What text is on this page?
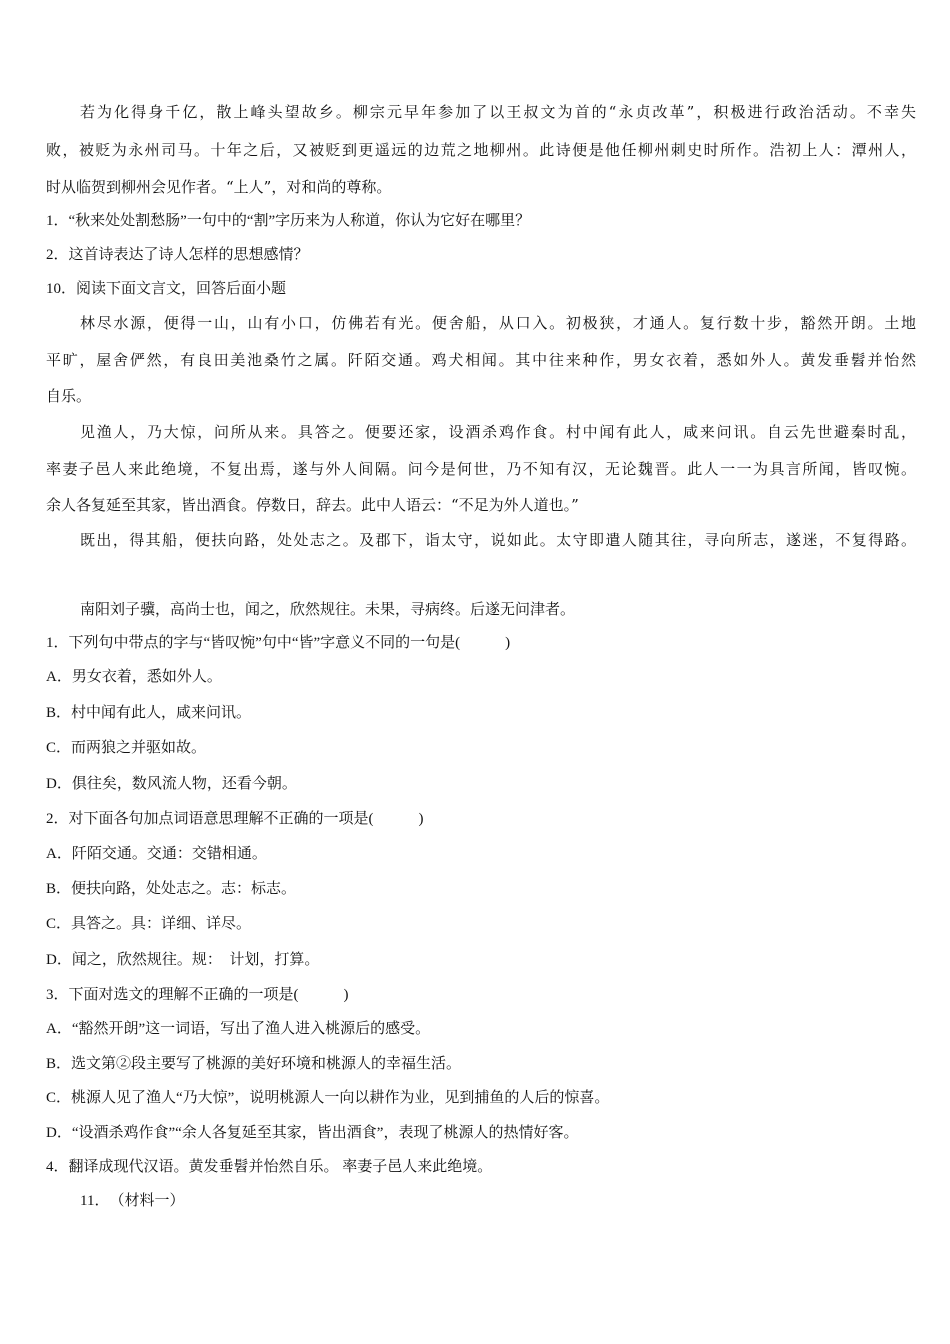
若为化得身千亿，散上峰头望故乡。柳宗元早年参加了以王叔文为首的“永贞改革”，积极进行政治活动。不幸失
败，被贬为永州司马。十年之后，又被贬到更遥远的边荒之地柳州。此诗便是他任柳州刺史时所作。浩初上人：潭州人，
时从临贺到柳州会见作者。“上人”，对和尚的尊称。
1．“秋来处处割愁肠”一句中的“割”字历来为人称道，你认为它好在哪里？
2．这首诗表达了诗人怎样的思想感情？
10．阅读下面文言文，回答后面小题
林尽水源，便得一山，山有小口，仿佛若有光。便舍船，从口入。初极狭，才通人。复行数十步，豁然开朗。土地
平旷，屋舍俨然，有良田美池桑竹之属。阡陌交通。鸡犬相闻。其中往来种作，男女衣着，悉如外人。黄发垂髫并怡然
自乐。
见渔人，乃大惊，问所从来。具答之。便要还家，设酒杀鸡作食。村中闻有此人，咸来问讯。自云先世避秦时乱，
率妻子邑人来此绝境，不复出焉，遂与外人间隔。问今是何世，乃不知有汉，无论魏晋。此人一一为具言所闻，皆叹惋。
余人各复延至其家，皆出酒食。停数日，辞去。此中人语云：“不足为外人道也。”
既出，得其船，便扶向路，处处志之。及郡下，诣太守，说如此。太守即遣人随其往，寻向所志，遂迷，不复得路。
南阳刘子骥，高尚士也，闻之，欣然规往。未果，寻病终。后遂无问津者。
1．下列句中带点的字与“皆叹惋”句中“皆”字意义不同的一句是(　　　)
A．男女衣着，悉如外人。
B．村中闻有此人，咸来问讯。
C．而两狼之并驱如故。
D．俱往矣，数风流人物，还看今朝。
2．对下面各句加点词语意思理解不正确的一项是(　　　)
A．阡陌交通。交通：交错相通。
B．便扶向路，处处志之。志：标志。
C．具答之。具：详细、详尽。
D．闻之，欣然规往。规：　计划，打算。
3．下面对选文的理解不正确的一项是(　　　)
A．“豁然开朗”这一词语，写出了渔人进入桃源后的感受。
B．选文第②段主要写了桃源的美好环境和桃源人的幸福生活。
C．桃源人见了渔人“乃大惊”，说明桃源人一向以耕作为业，见到捕鱼的人后的惊喜。
D．“设酒杀鸡作食”“余人各复延至其家，皆出酒食”，表现了桃源人的热情好客。
4．翻译成现代汉语。黄发垂髫并怡然自乐。 率妻子邑人来此绝境。
11．　（材料一）
